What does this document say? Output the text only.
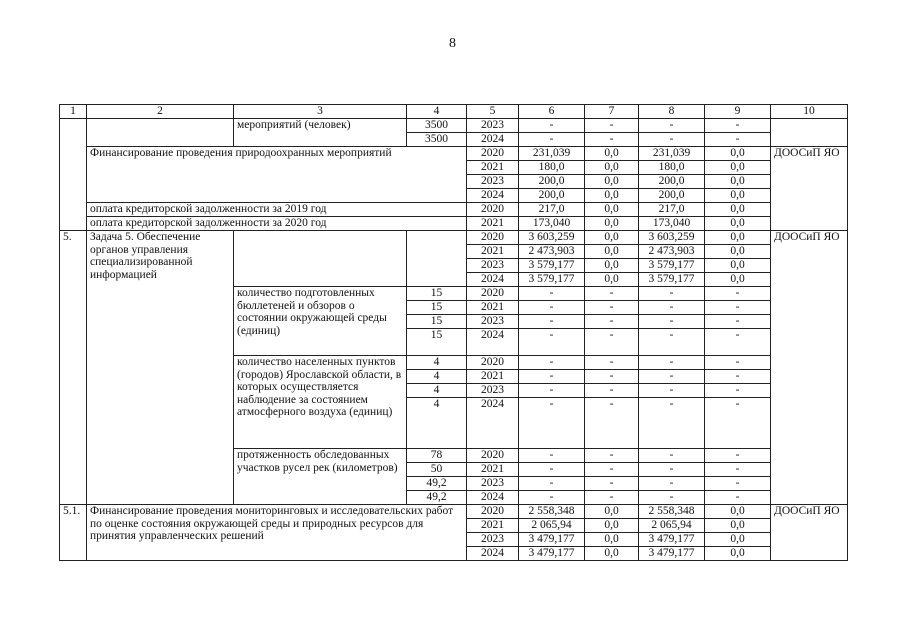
8
1	2	3	4	5	6	7	8	9	10
		мероприятий (человек)	3500	2023	-	-	-	-	
			3500	2024	-	-	-	-	
	Финансирование проведения природоохранных мероприятий			2020	231,039	0,0	231,039	0,0	ДООСиП ЯО
				2021	180,0	0,0	180,0	0,0	
				2023	200,0	0,0	200,0	0,0	
				2024	200,0	0,0	200,0	0,0	
	оплата кредиторской задолженности за 2019 год			2020	217,0	0,0	217,0	0,0	
	оплата кредиторской задолженности за 2020 год			2021	173,040	0,0	173,040	0,0	
5.	Задача 5. Обеспечение органов управления специализированной информацией			2020	3 603,259	0,0	3 603,259	0,0	ДООСиП ЯО
				2021	2 473,903	0,0	2 473,903	0,0	
				2023	3 579,177	0,0	3 579,177	0,0	
				2024	3 579,177	0,0	3 579,177	0,0	
		количество подготовленных бюллетеней и обзоров о состоянии окружающей среды (единиц)	15	2020	-	-	-	-	
			15	2021	-	-	-	-	
			15	2023	-	-	-	-	
			15	2024	-	-	-	-	
		количество населенных пунктов (городов) Ярославской области, в которых осуществляется наблюдение за состоянием атмосферного воздуха (единиц)	4	2020	-	-	-	-	
			4	2021	-	-	-	-	
			4	2023	-	-	-	-	
			4	2024	-	-	-	-	
		протяженность обследованных участков русел рек (километров)	78	2020	-	-	-	-	
			50	2021	-	-	-	-	
			49,2	2023	-	-	-	-	
			49,2	2024	-	-	-	-	
5.1.	Финансирование проведения мониторинговых и исследовательских работ по оценке состояния окружающей среды и природных ресурсов для принятия управленческих решений			2020	2 558,348	0,0	2 558,348	0,0	ДООСиП ЯО
				2021	2 065,94	0,0	2 065,94	0,0	
				2023	3 479,177	0,0	3 479,177	0,0	
				2024	3 479,177	0,0	3 479,177	0,0	
